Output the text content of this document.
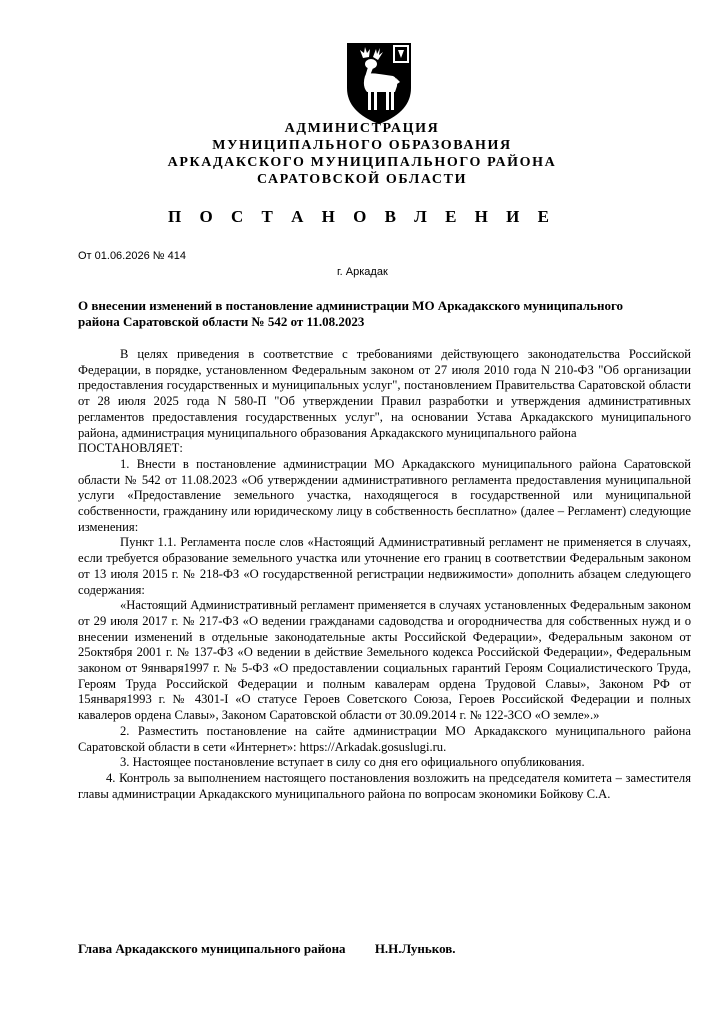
АДМИНИСТРАЦИЯ
МУНИЦИПАЛЬНОГО ОБРАЗОВАНИЯ
АРКАДАКСКОГО МУНИЦИПАЛЬНОГО РАЙОНА
САРАТОВСКОЙ ОБЛАСТИ
П О С Т А Н О В Л Е Н И Е
От 01.06.2026 № 414
г. Аркадак
О внесении изменений в постановление администрации МО Аркадакского муниципального района Саратовской области № 542 от 11.08.2023

В целях приведения в соответствие с требованиями действующего законодательства Российской Федерации, в порядке, установленном Федеральным законом от 27 июля 2010 года N 210-ФЗ "Об организации предоставления государственных и муниципальных услуг", постановлением Правительства Саратовской области от 28 июля 2025 года N 580-П "Об утверждении Правил разработки и утверждения административных регламентов предоставления государственных услуг", на основании Устава Аркадакского муниципального района, администрация муниципального образования Аркадакского муниципального района

ПОСТАНОВЛЯЕТ:

1. Внести в постановление администрации МО Аркадакского муниципального района Саратовской области № 542 от 11.08.2023 «Об утверждении административного регламента предоставления муниципальной услуги «Предоставление земельного участка, находящегося в государственной или муниципальной собственности, гражданину или юридическому лицу в собственность бесплатно» (далее – Регламент) следующие изменения:

Пункт 1.1. Регламента после слов «Настоящий Административный регламент не применяется в случаях, если требуется образование земельного участка или уточнение его границ в соответствии Федеральным законом от 13 июля 2015 г. № 218-ФЗ «О государственной регистрации недвижимости» дополнить абзацем следующего содержания:

«Настоящий Административный регламент применяется в случаях установленных Федеральным законом от 29 июля 2017 г. № 217-ФЗ «О ведении гражданами садоводства и огородничества для собственных нужд и о внесении изменений в отдельные законодательные акты Российской Федерации», Федеральным законом от 25октября 2001 г. № 137-ФЗ «О ведении в действие Земельного кодекса Российской Федерации», Федеральным законом от 9января1997 г. № 5-ФЗ «О предоставлении социальных гарантий Героям Социалистического Труда, Героям Труда Российской Федерации и полным кавалерам ордена Трудовой Славы», Законом РФ от 15января1993 г. № 4301-I «О статусе Героев Советского Союза, Героев Российской Федерации и полных кавалеров ордена Славы», Законом Саратовской области от 30.09.2014 г. № 122-ЗСО «О земле».»

2. Разместить постановление на сайте администрации МО Аркадакского муниципального района Саратовской области в сети «Интернет»: https://Arkadak.gosuslugi.ru.

3. Настоящее постановление вступает в силу со дня его официального опубликования.

4. Контроль за выполнением настоящего постановления возложить на председателя комитета – заместителя главы администрации Аркадакского муниципального района по вопросам экономики Бойкову С.А.

Глава Аркадакского муниципального района Н.Н.Луньков.
